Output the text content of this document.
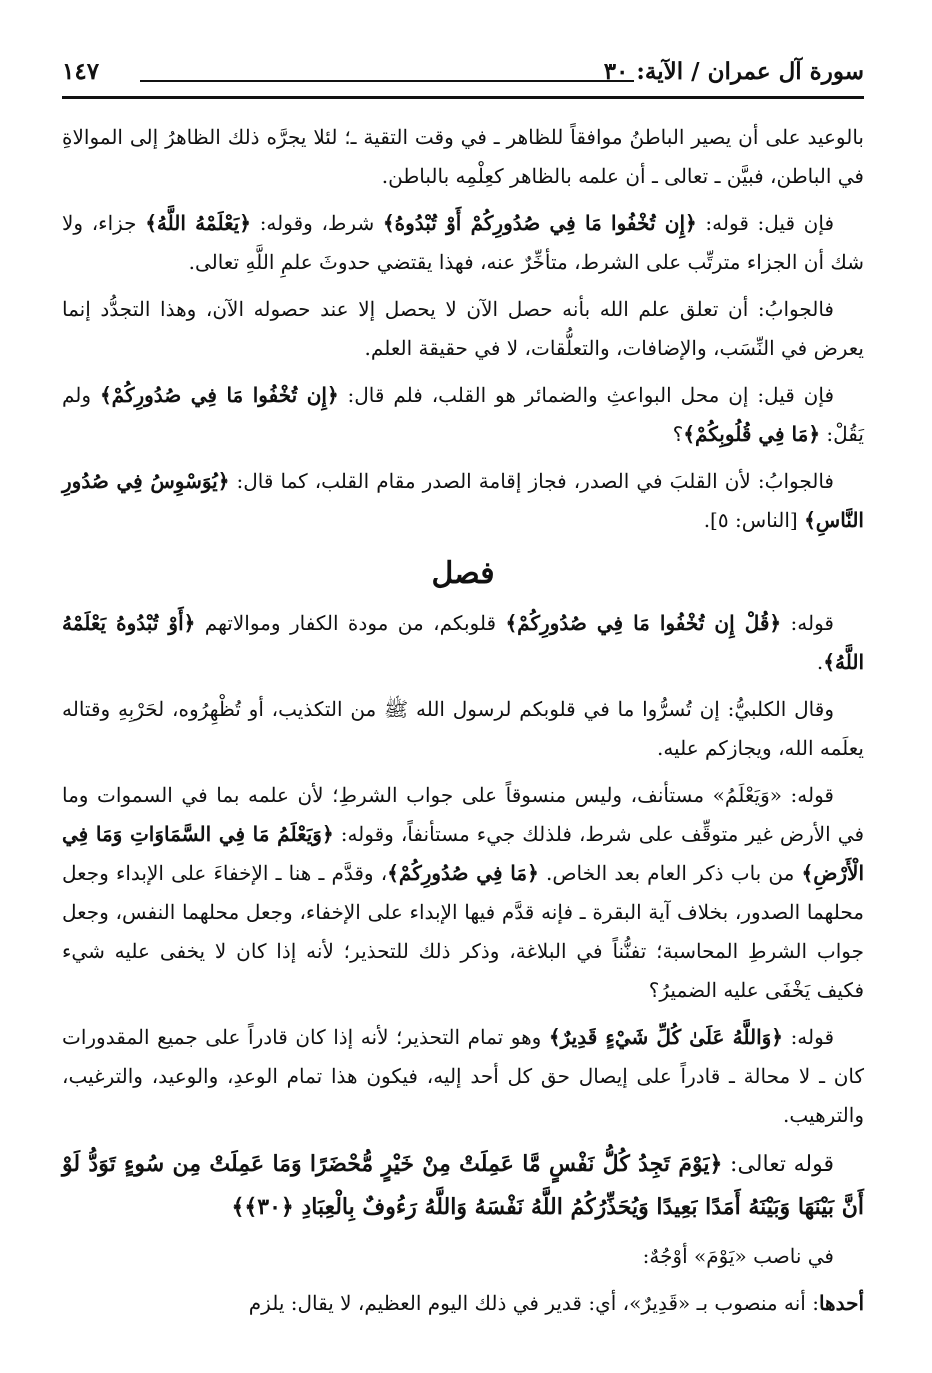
سورة آل عمران / الآية: ٣٠
١٤٧

بالوعيد على أن يصير الباطنُ موافقاً للظاهر ـ في وقت التقية ـ؛ لئلا يجرَّه ذلك الظاهرُ إلى الموالاةِ في الباطن، فبيَّن ـ تعالى ـ أن علمه بالظاهر كعِلْمِه بالباطن.

فإن قيل: قوله: ﴿إِن تُخْفُوا مَا فِي صُدُورِكُمْ أَوْ تُبْدُوهُ﴾ شرط، وقوله: ﴿يَعْلَمْهُ اللَّهُ﴾ جزاء، ولا شك أن الجزاء مترتِّب على الشرط، متأخِّرٌ عنه، فهذا يقتضي حدوثَ علمِ اللَّهِ تعالى.

فالجوابُ: أن تعلق علم الله بأنه حصل الآن لا يحصل إلا عند حصوله الآن، وهذا التجدُّد إنما يعرض في النِّسَب، والإضافات، والتعلُّقات، لا في حقيقة العلم.

فإن قيل: إن محل البواعثِ والضمائر هو القلب، فلم قال: ﴿إِن تُخْفُوا مَا فِي صُدُورِكُمْ﴾ ولم يَقُلْ: ﴿مَا فِي قُلُوبِكُمْ﴾؟

فالجوابُ: لأن القلبَ في الصدر، فجاز إقامة الصدر مقام القلب، كما قال: ﴿يُوَسْوِسُ فِي صُدُورِ النَّاسِ﴾ [الناس: ٥].

فصل

قوله: ﴿قُلْ إِن تُخْفُوا مَا فِي صُدُورِكُمْ﴾ قلوبكم، من مودة الكفار وموالاتهم ﴿أَوْ تُبْدُوهُ يَعْلَمْهُ اللَّهُ﴾.

وقال الكلبيُّ: إن تُسرُّوا ما في قلوبكم لرسول الله ﷺ من التكذيب، أو تُظْهِرُوه، لحَرْبِهِ وقتاله يعلَمه الله، ويجازكم عليه.

قوله: «وَيَعْلَمُ» مستأنف، وليس منسوقاً على جواب الشرطِ؛ لأن علمه بما في السموات وما في الأرض غير متوقِّف على شرط، فلذلك جيء مستأنفاً، وقوله: ﴿وَيَعْلَمُ مَا فِي السَّمَاوَاتِ وَمَا فِي الْأَرْضِ﴾ من باب ذكر العام بعد الخاص. ﴿مَا فِي صُدُورِكُمْ﴾، وقدَّم ـ هنا ـ الإخفاءَ على الإبداء وجعل محلهما الصدور، بخلاف آية البقرة ـ فإنه قدَّم فيها الإبداء على الإخفاء، وجعل محلهما النفس، وجعل جواب الشرطِ المحاسبة؛ تفنُّناً في البلاغة، وذكر ذلك للتحذير؛ لأنه إذا كان لا يخفى عليه شيء فكيف يَخْفَى عليه الضميرُ؟

قوله: ﴿وَاللَّهُ عَلَىٰ كُلِّ شَيْءٍ قَدِيرٌ﴾ وهو تمام التحذير؛ لأنه إذا كان قادراً على جميع المقدورات كان ـ لا محالة ـ قادراً على إيصال حق كل أحد إليه، فيكون هذا تمام الوعدِ، والوعيد، والترغيب، والترهيب.

قوله تعالى: ﴿يَوْمَ تَجِدُ كُلُّ نَفْسٍ مَّا عَمِلَتْ مِنْ خَيْرٍ مُّحْضَرًا وَمَا عَمِلَتْ مِن سُوءٍ تَوَدُّ لَوْ أَنَّ بَيْنَهَا وَبَيْنَهُ أَمَدًا بَعِيدًا وَيُحَذِّرُكُمُ اللَّهُ نَفْسَهُ وَاللَّهُ رَءُوفٌ بِالْعِبَادِ ﴿٣٠﴾﴾

في ناصب «يَوْمَ» أوْجُهٌ:

أحدها: أنه منصوب بـ «قَدِيرٌ»، أي: قدير في ذلك اليوم العظيم، لا يقال: يلزم
